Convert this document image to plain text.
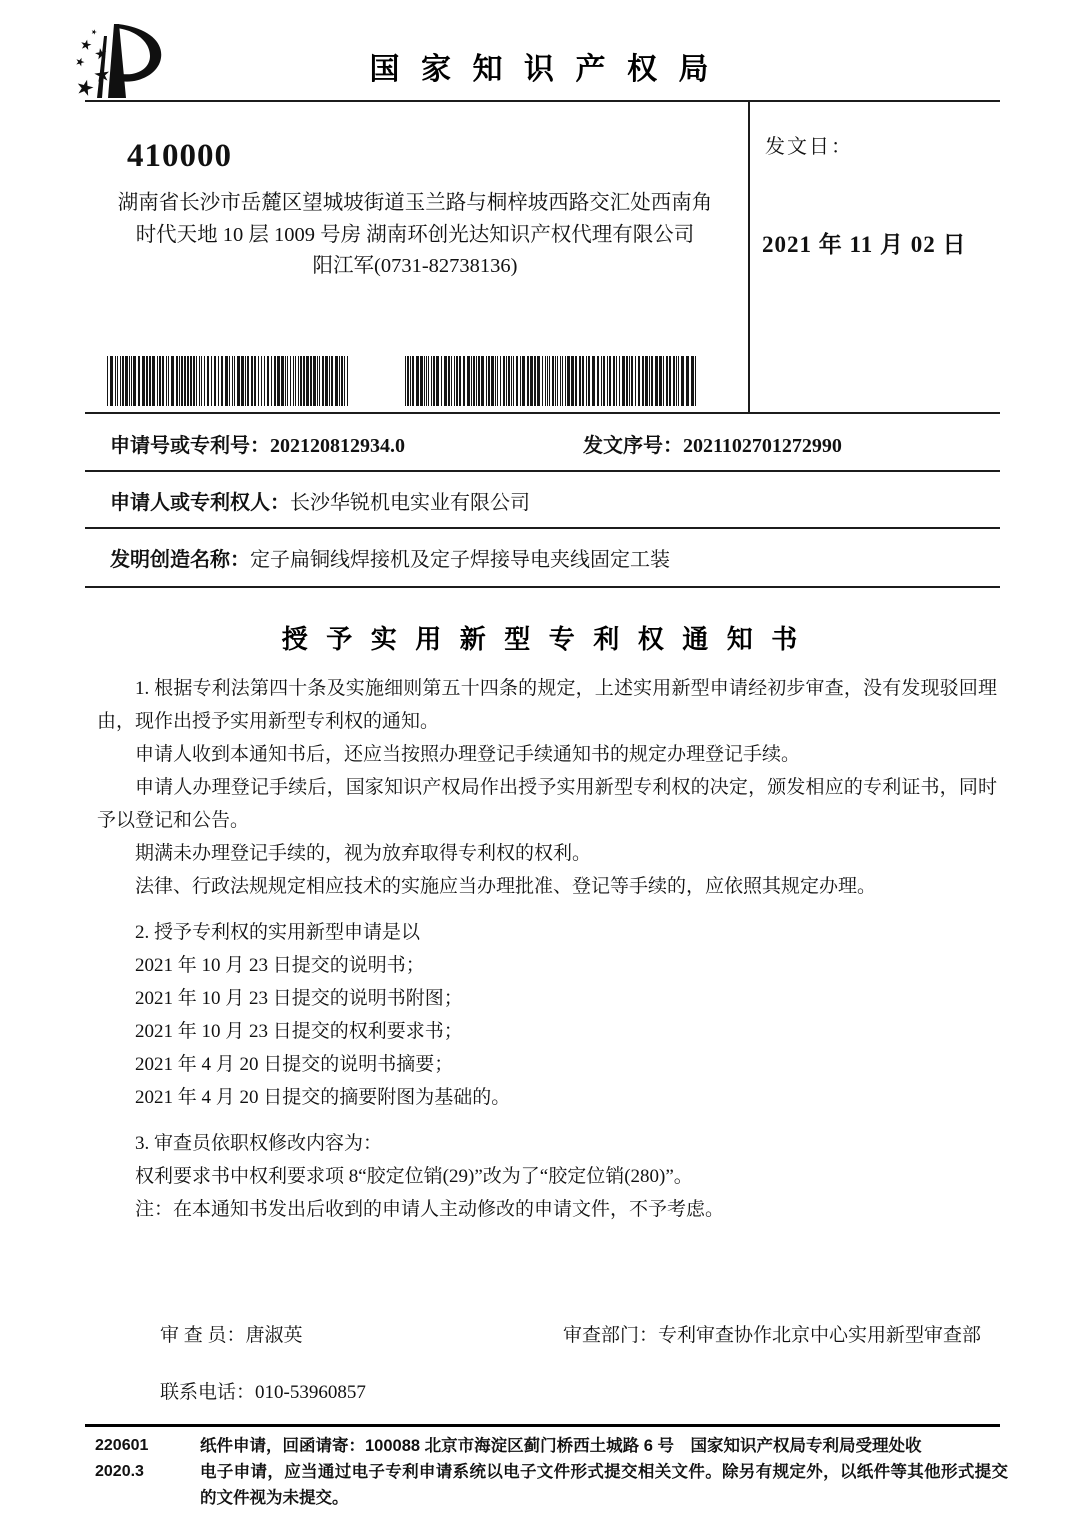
国 家 知 识 产 权 局
410000
湖南省长沙市岳麓区望城坡街道玉兰路与桐梓坡西路交汇处西南角
时代天地 10 层 1009 号房 湖南环创光达知识产权代理有限公司
阳江军(0731-82738136)
发文日：
2021 年 11 月 02 日
申请号或专利号：202120812934.0	发文序号：2021102701272990
申请人或专利权人：长沙华锐机电实业有限公司
发明创造名称：定子扁铜线焊接机及定子焊接导电夹线固定工装
授 予 实 用 新 型 专 利 权 通 知 书

1. 根据专利法第四十条及实施细则第五十四条的规定，上述实用新型申请经初步审查，没有发现驳回理由，现作出授予实用新型专利权的通知。

申请人收到本通知书后，还应当按照办理登记手续通知书的规定办理登记手续。

申请人办理登记手续后，国家知识产权局作出授予实用新型专利权的决定，颁发相应的专利证书，同时予以登记和公告。

期满未办理登记手续的，视为放弃取得专利权的权利。

法律、行政法规规定相应技术的实施应当办理批准、登记等手续的，应依照其规定办理。

2. 授予专利权的实用新型申请是以

2021 年 10 月 23 日提交的说明书；

2021 年 10 月 23 日提交的说明书附图；

2021 年 10 月 23 日提交的权利要求书；

2021 年 4 月 20 日提交的说明书摘要；

2021 年 4 月 20 日提交的摘要附图为基础的。

3. 审查员依职权修改内容为：

权利要求书中权利要求项 8“胶定位销(29)”改为了“胶定位销(280)”。

注：在本通知书发出后收到的申请人主动修改的申请文件，不予考虑。

审 查 员：唐淑英	审查部门：专利审查协作北京中心实用新型审查部
联系电话：010-53960857

220601

2020.3

纸件申请，回函请寄：100088 北京市海淀区蓟门桥西土城路 6 号　国家知识产权局专利局受理处收

电子申请，应当通过电子专利申请系统以电子文件形式提交相关文件。除另有规定外，以纸件等其他形式提交的文件视为未提交。
